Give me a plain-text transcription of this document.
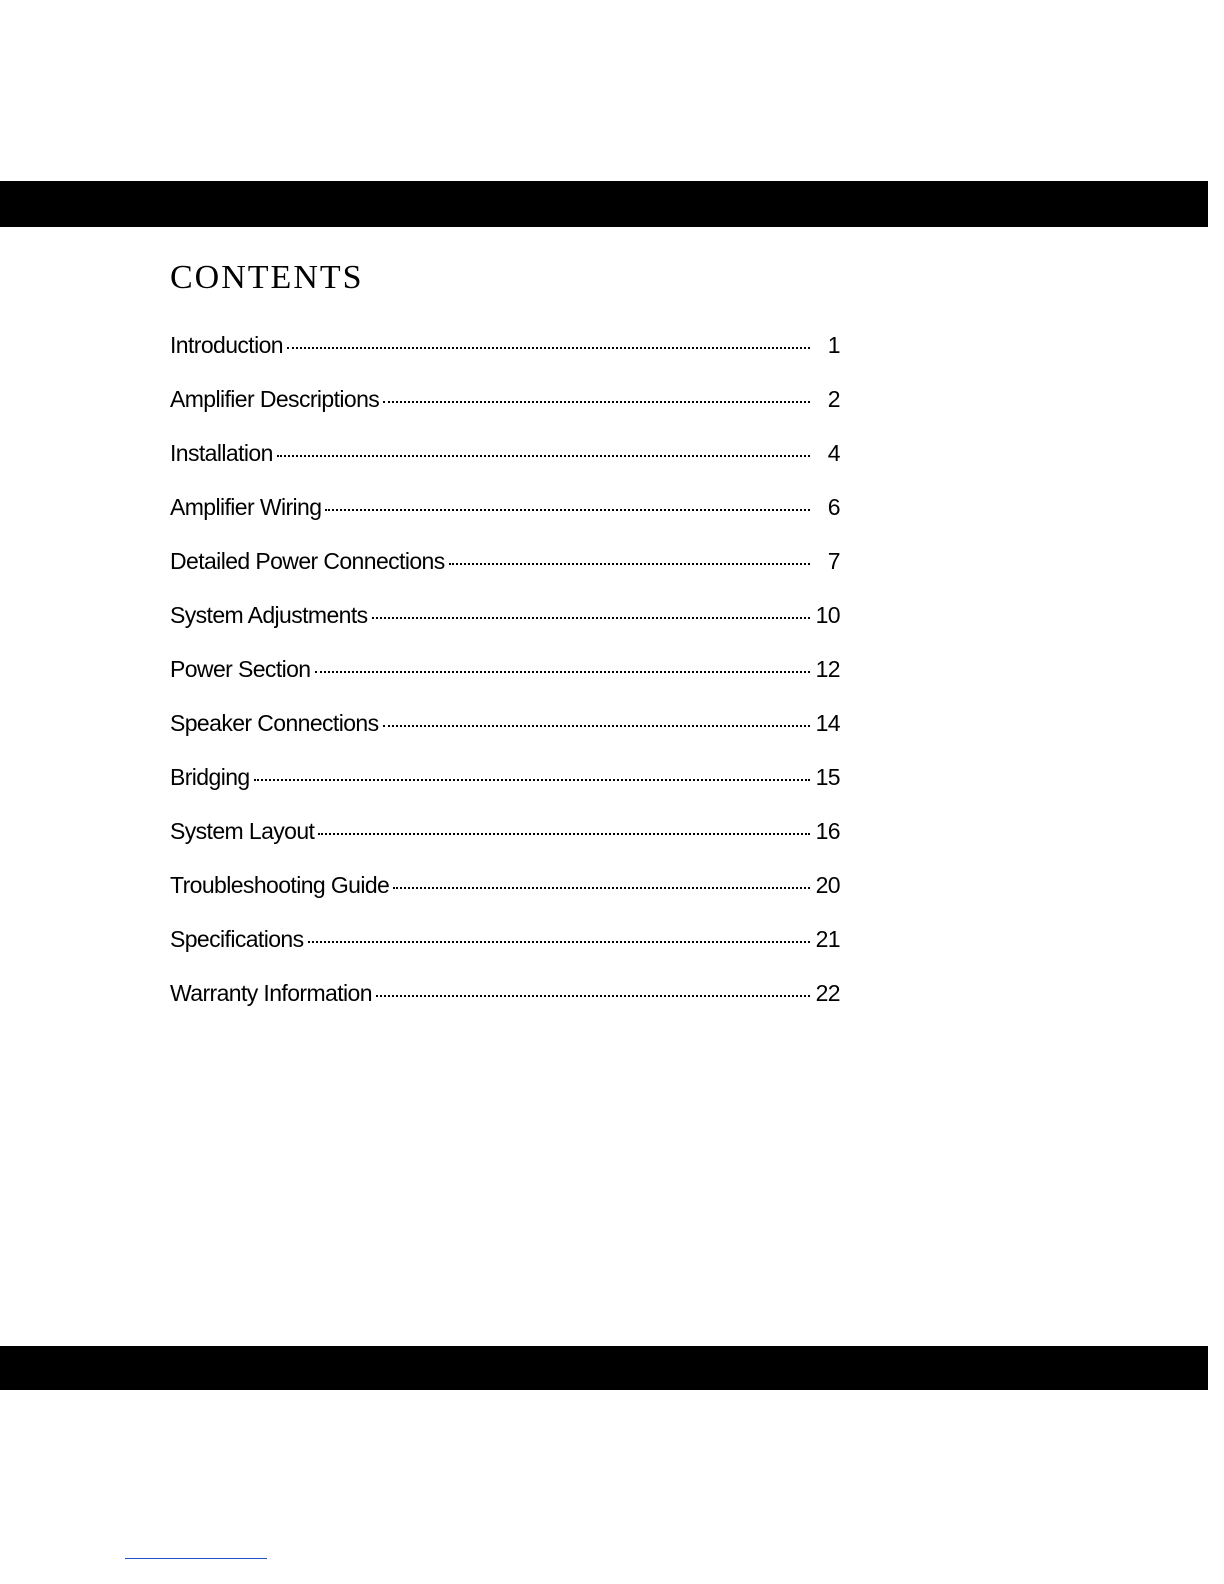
CONTENTS
Introduction	1
Amplifier Descriptions	2
Installation	4
Amplifier Wiring	6
Detailed Power Connections	7
System Adjustments	10
Power Section	12
Speaker Connections	14
Bridging	15
System Layout	16
Troubleshooting Guide	20
Specifications	21
Warranty Information	22
